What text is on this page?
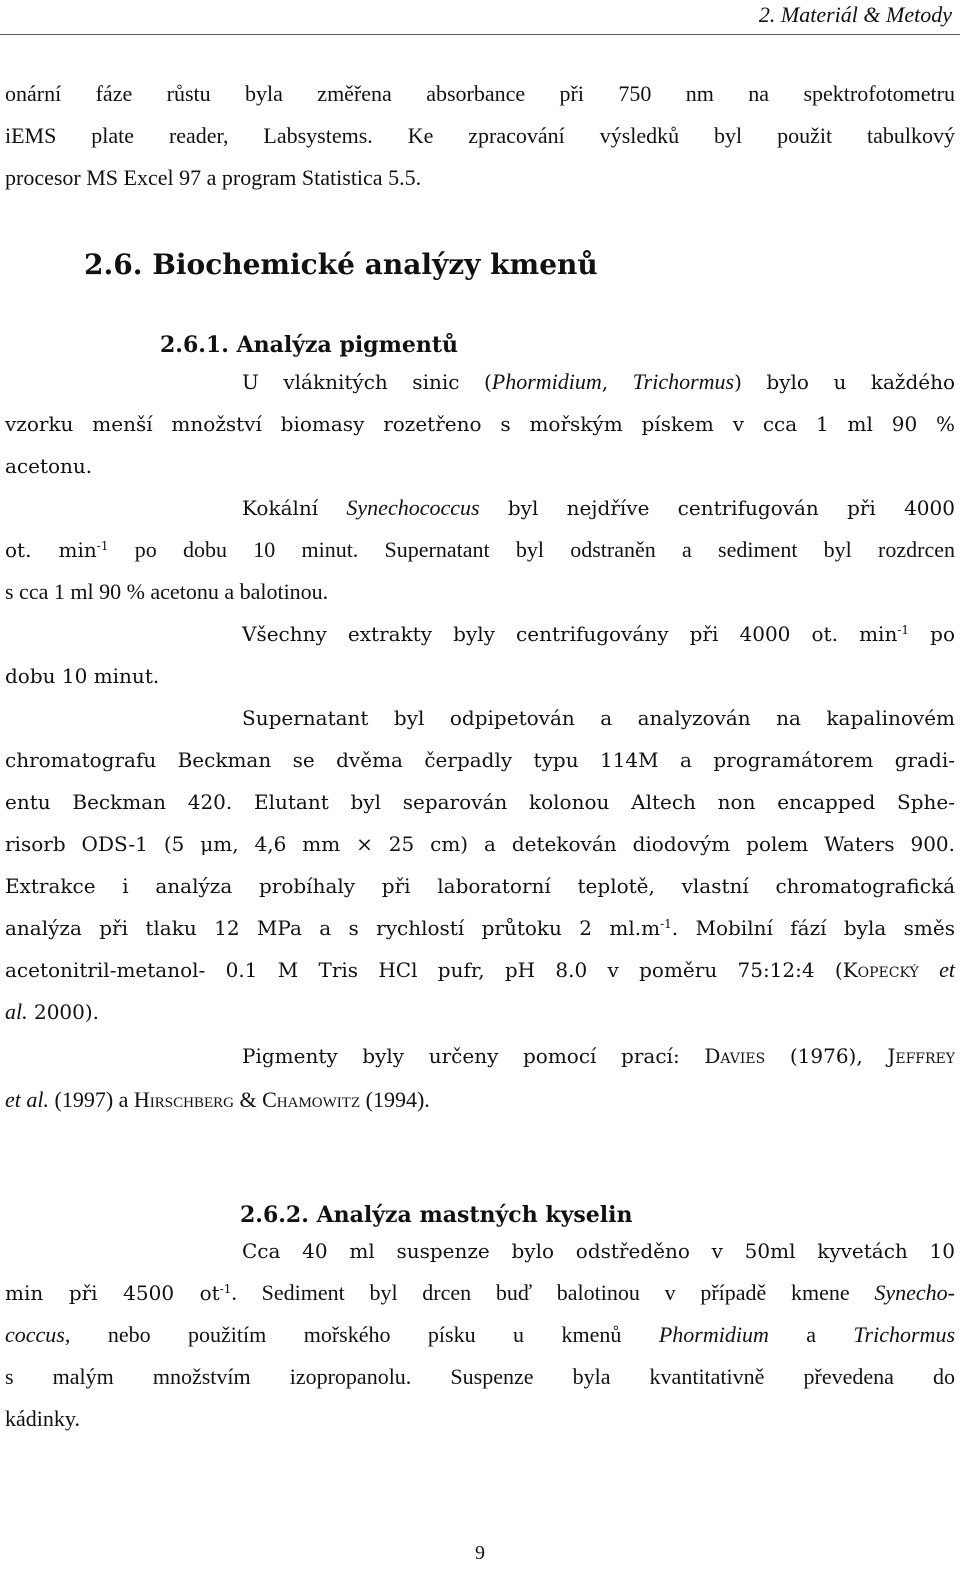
2. Materiál & Metody
onární fáze růstu byla změřena absorbance při 750 nm na spektrofotometru
iEMS plate reader, Labsystems. Ke zpracování výsledků byl použit tabulkový
procesor MS Excel 97 a program Statistica 5.5.
2.6. Biochemické analýzy kmenů
2.6.1. Analýza pigmentů
U vláknitých sinic (Phormidium, Trichormus) bylo u každého
vzorku menší množství biomasy rozetřeno s mořským pískem v cca 1 ml 90 %
acetonu.
Kokální Synechococcus byl nejdříve centrifugován při 4000
ot. $\min^{-1}$ po dobu 10 minut. Supernatant byl odstraněn a sediment byl rozdrcen
s cca 1 ml 90 % acetonu a balotinou.
Všechny extrakty byly centrifugovány při 4000 ot. $\min^{-1}$ po
dobu 10 minut.
Supernatant byl odpipetován a analyzován na kapalinovém
chromatografu Beckman se dvěma čerpadly typu 114M a programátorem gradi-
entu Beckman 420. Elutant byl separován kolonou Altech non encapped Sphe-
risorb ODS-1 (5 μm, 4,6 mm × 25 cm) a detekován diodovým polem Waters 900.
Extrakce i analýza probíhaly při laboratorní teplotě, vlastní chromatografická
analýza při tlaku 12 MPa a s rychlostí průtoku 2 $ml.m^{-1}$. Mobilní fází byla směs
acetonitril-metanol- 0.1 M Tris HCl pufr, pH 8.0 v poměru 75:12:4 (Kopecký et
al. 2000).
Pigmenty byly určeny pomocí prací: Davies (1976), Jeffrey
et al. (1997) a Hirschberg & Chamowitz (1994).
2.6.2. Analýza mastných kyselin
Cca 40 ml suspenze bylo odstředěno v 50ml kyvetách 10
min při 4500 $ot^{-1}$. Sediment byl drcen buď balotinou v případě kmene Synecho-
coccus, nebo použitím mořského písku u kmenů Phormidium a Trichormus
s malým množstvím izopropanolu. Suspenze byla kvantitativně převedena do
kádinky.
9
